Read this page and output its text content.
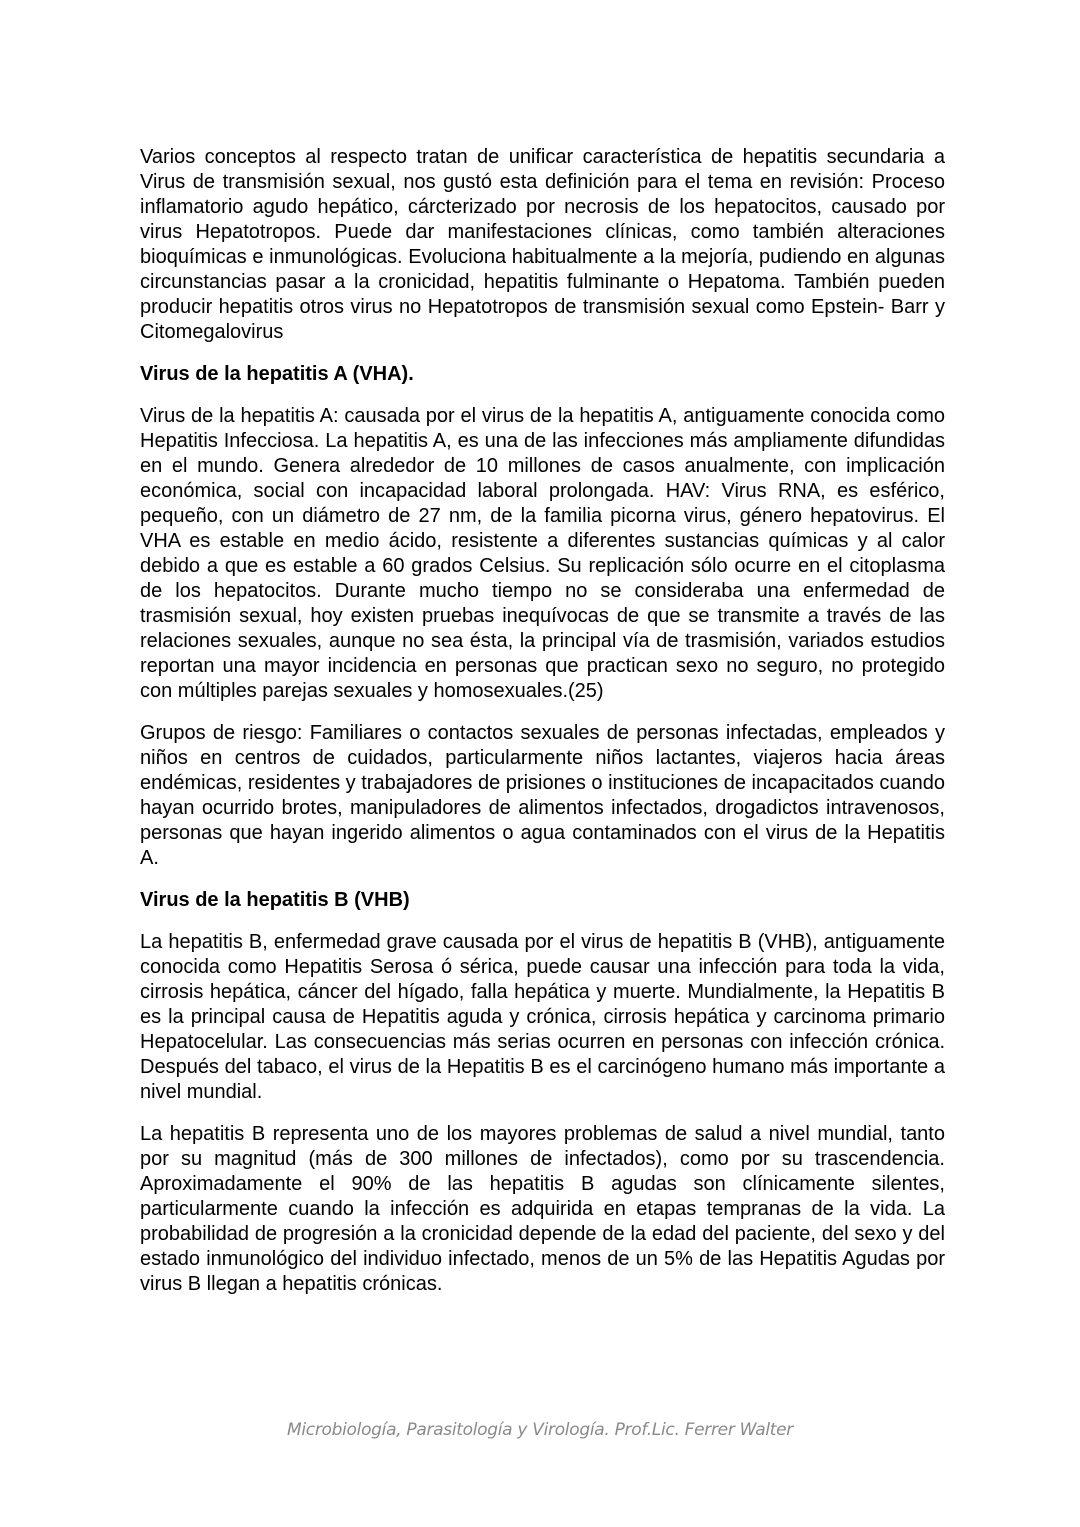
Varios conceptos al respecto tratan de unificar característica de hepatitis secundaria a Virus de transmisión sexual, nos gustó esta definición para el tema en revisión: Proceso inflamatorio agudo hepático, cárcterizado por necrosis de los hepatocitos, causado por virus Hepatotropos. Puede dar manifestaciones clínicas, como también alteraciones bioquímicas e inmunológicas. Evoluciona habitualmente a la mejoría, pudiendo en algunas circunstancias pasar a la cronicidad, hepatitis fulminante o Hepatoma. También pueden producir hepatitis otros virus no Hepatotropos de transmisión sexual como Epstein- Barr y Citomegalovirus

Virus de la hepatitis A (VHA).

Virus de la hepatitis A: causada por el virus de la hepatitis A, antiguamente conocida como Hepatitis Infecciosa. La hepatitis A, es una de las infecciones más ampliamente difundidas en el mundo. Genera alrededor de 10 millones de casos anualmente, con implicación económica, social con incapacidad laboral prolongada. HAV: Virus RNA, es esférico, pequeño, con un diámetro de 27 nm, de la familia picorna virus, género hepatovirus. El VHA es estable en medio ácido, resistente a diferentes sustancias químicas y al calor debido a que es estable a 60 grados Celsius. Su replicación sólo ocurre en el citoplasma de los hepatocitos. Durante mucho tiempo no se consideraba una enfermedad de trasmisión sexual, hoy existen pruebas inequívocas de que se transmite a través de las relaciones sexuales, aunque no sea ésta, la principal vía de trasmisión, variados estudios reportan una mayor incidencia en personas que practican sexo no seguro, no protegido con múltiples parejas sexuales y homosexuales.(25)

Grupos de riesgo: Familiares o contactos sexuales de personas infectadas, empleados y niños en centros de cuidados, particularmente niños lactantes, viajeros hacia áreas endémicas, residentes y trabajadores de prisiones o instituciones de incapacitados cuando hayan ocurrido brotes, manipuladores de alimentos infectados, drogadictos intravenosos, personas que hayan ingerido alimentos o agua contaminados con el virus de la Hepatitis A.

Virus de la hepatitis B (VHB)

La hepatitis B, enfermedad grave causada por el virus de hepatitis B (VHB), antiguamente conocida como Hepatitis Serosa ó sérica, puede causar una infección para toda la vida, cirrosis hepática, cáncer del hígado, falla hepática y muerte. Mundialmente, la Hepatitis B es la principal causa de Hepatitis aguda y crónica, cirrosis hepática y carcinoma primario Hepatocelular. Las consecuencias más serias ocurren en personas con infección crónica. Después del tabaco, el virus de la Hepatitis B es el carcinógeno humano más importante a nivel mundial.

La hepatitis B representa uno de los mayores problemas de salud a nivel mundial, tanto por su magnitud (más de 300 millones de infectados), como por su trascendencia. Aproximadamente el 90% de las hepatitis B agudas son clínicamente silentes, particularmente cuando la infección es adquirida en etapas tempranas de la vida. La probabilidad de progresión a la cronicidad depende de la edad del paciente, del sexo y del estado inmunológico del individuo infectado, menos de un 5% de las Hepatitis Agudas por virus B llegan a hepatitis crónicas.

Microbiología, Parasitología y Virología. Prof.Lic. Ferrer Walter
